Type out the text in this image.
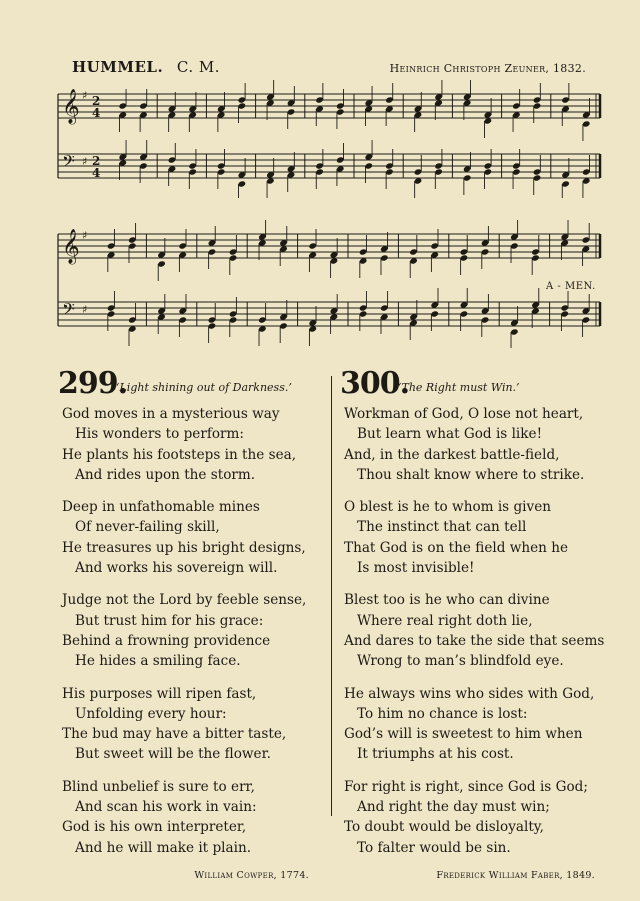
HUMMEL. C. M.	Heinrich Christoph Zeuner, 1832.
𝄞
𝄢
♯
♯
2
4
2
4
𝄞
𝄢
♯
♯
A - MEN.
299.
‘Light shining out of Darkness.’
God moves in a mysterious way
His wonders to perform:
He plants his footsteps in the sea,
And rides upon the storm.
Deep in unfathomable mines
Of never-failing skill,
He treasures up his bright designs,
And works his sovereign will.
Judge not the Lord by feeble sense,
But trust him for his grace:
Behind a frowning providence
He hides a smiling face.
His purposes will ripen fast,
Unfolding every hour:
The bud may have a bitter taste,
But sweet will be the flower.
Blind unbelief is sure to err,
And scan his work in vain:
God is his own interpreter,
And he will make it plain.
William Cowper, 1774.
300.
‘The Right must Win.’
Workman of God, O lose not heart,
But learn what God is like!
And, in the darkest battle-field,
Thou shalt know where to strike.
O blest is he to whom is given
The instinct that can tell
That God is on the field when he
Is most invisible!
Blest too is he who can divine
Where real right doth lie,
And dares to take the side that seems
Wrong to man’s blindfold eye.
He always wins who sides with God,
To him no chance is lost:
God’s will is sweetest to him when
It triumphs at his cost.
For right is right, since God is God;
And right the day must win;
To doubt would be disloyalty,
To falter would be sin.
Frederick William Faber, 1849.
